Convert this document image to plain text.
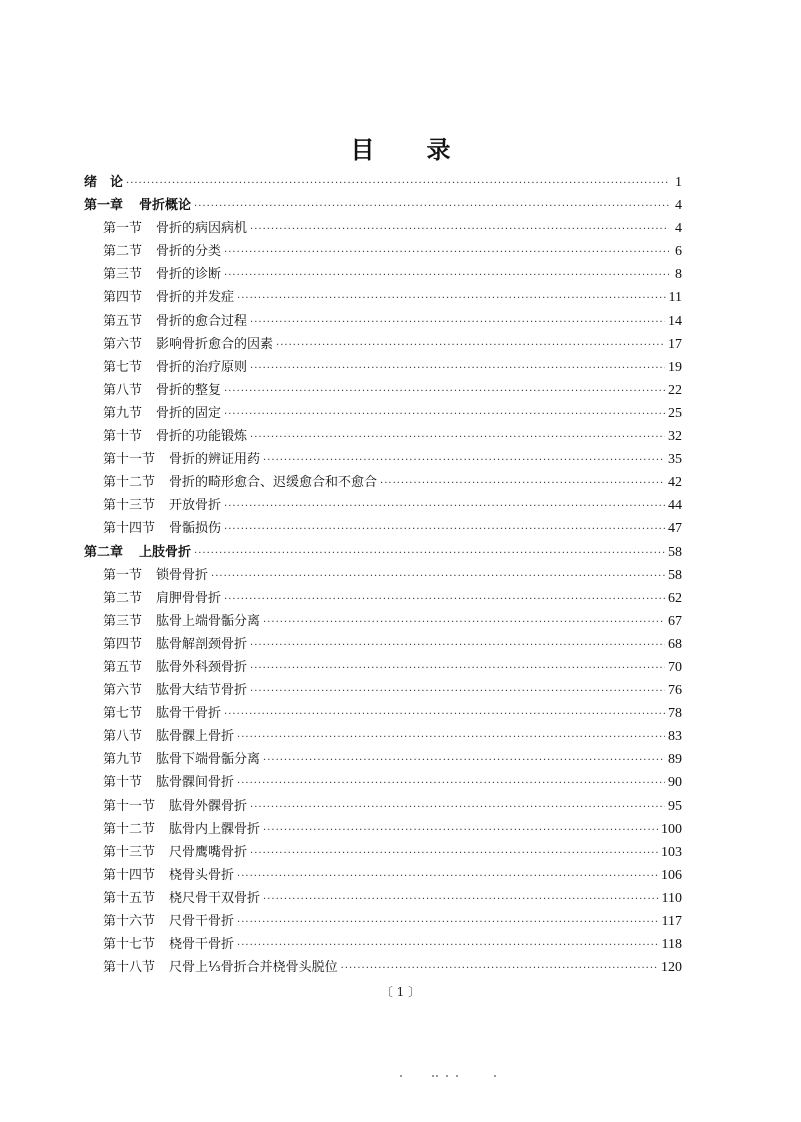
目 录
绪　论 ·····	1
第一章 骨折概论 ·····	4
第一节 骨折的病因病机 ·····	4
第二节 骨折的分类 ·····	6
第三节 骨折的诊断 ·····	8
第四节 骨折的并发症 ·····	11
第五节 骨折的愈合过程 ·····	14
第六节 影响骨折愈合的因素 ·····	17
第七节 骨折的治疗原则 ·····	19
第八节 骨折的整复 ·····	22
第九节 骨折的固定 ·····	25
第十节 骨折的功能锻炼 ·····	32
第十一节 骨折的辨证用药 ·····	35
第十二节 骨折的畸形愈合、迟缓愈合和不愈合 ·····	42
第十三节 开放骨折 ·····	44
第十四节 骨骺损伤 ·····	47
第二章 上肢骨折 ·····	58
第一节 锁骨骨折 ·····	58
第二节 肩胛骨骨折 ·····	62
第三节 肱骨上端骨骺分离 ·····	67
第四节 肱骨解剖颈骨折 ·····	68
第五节 肱骨外科颈骨折 ·····	70
第六节 肱骨大结节骨折 ·····	76
第七节 肱骨干骨折 ·····	78
第八节 肱骨髁上骨折 ·····	83
第九节 肱骨下端骨骺分离 ·····	89
第十节 肱骨髁间骨折 ·····	90
第十一节 肱骨外髁骨折 ·····	95
第十二节 肱骨内上髁骨折 ·····	100
第十三节 尺骨鹰嘴骨折 ·····	103
第十四节 桡骨头骨折 ·····	106
第十五节 桡尺骨干双骨折 ·····	110
第十六节 尺骨干骨折 ·····	117
第十七节 桡骨干骨折 ·····	118
第十八节 尺骨上⅓骨折合并桡骨头脱位 ·····	120
〔 1 〕
